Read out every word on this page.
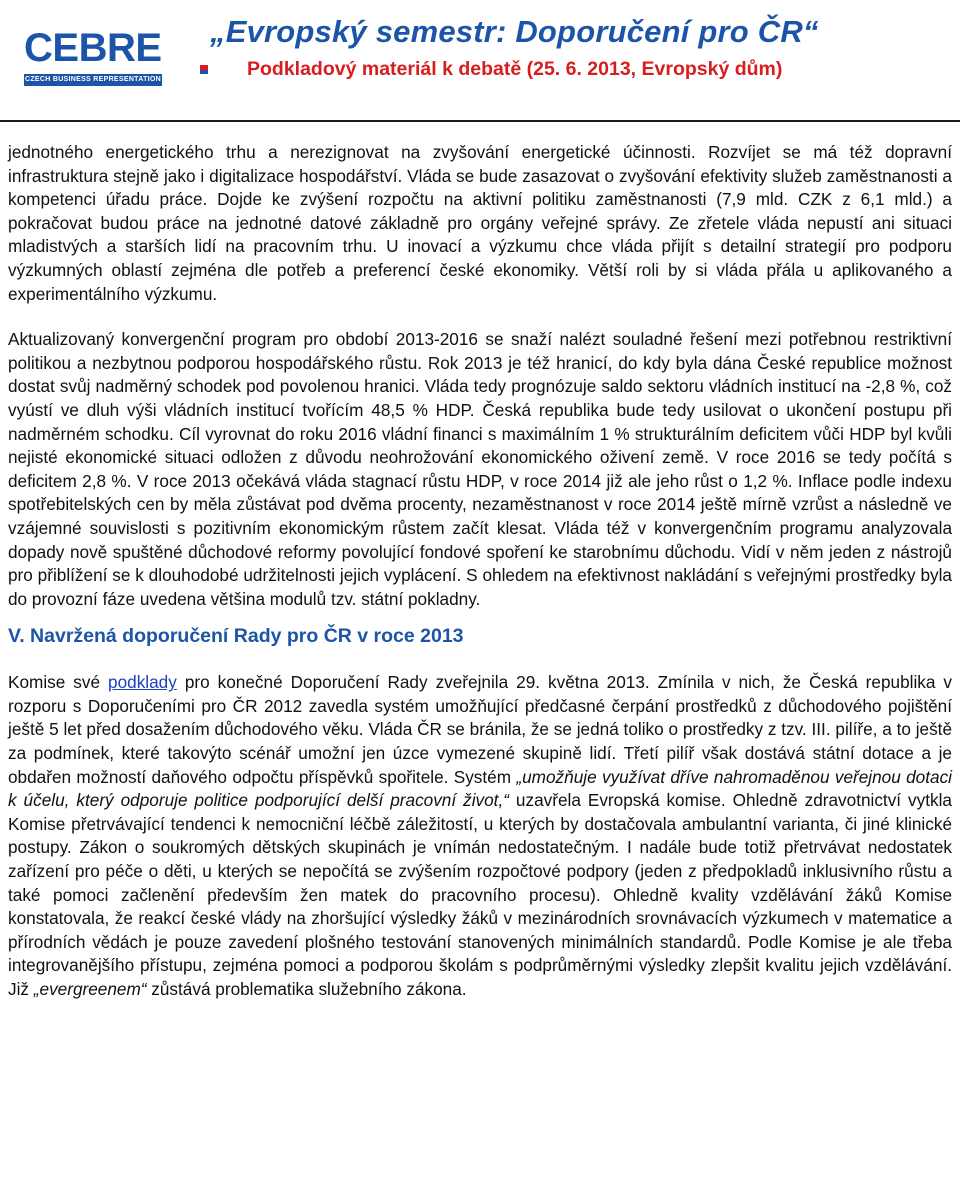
CEBRE
CZECH BUSINESS REPRESENTATION
„Evropský semestr: Doporučení pro ČR“
Podkladový materiál k debatě (25. 6. 2013, Evropský dům)

jednotného energetického trhu a nerezignovat na zvyšování energetické účinnosti. Rozvíjet se má též dopravní infrastruktura stejně jako i digitalizace hospodářství. Vláda se bude zasazovat o zvyšování efektivity služeb zaměstnanosti a kompetenci úřadu práce. Dojde ke zvýšení rozpočtu na aktivní politiku zaměstnanosti (7,9 mld. CZK z 6,1 mld.) a pokračovat budou práce na jednotné datové základně pro orgány veřejné správy. Ze zřetele vláda nepustí ani situaci mladistvých a starších lidí na pracovním trhu. U inovací a výzkumu chce vláda přijít s detailní strategií pro podporu výzkumných oblastí zejména dle potřeb a preferencí české ekonomiky. Větší roli by si vláda přála u aplikovaného a experimentálního výzkumu.

Aktualizovaný konvergenční program pro období 2013-2016 se snaží nalézt souladné řešení mezi potřebnou restriktivní politikou a nezbytnou podporou hospodářského růstu. Rok 2013 je též hranicí, do kdy byla dána České republice možnost dostat svůj nadměrný schodek pod povolenou hranici. Vláda tedy prognózuje saldo sektoru vládních institucí na -2,8 %, což vyústí ve dluh výši vládních institucí tvořícím 48,5 % HDP. Česká republika bude tedy usilovat o ukončení postupu při nadměrném schodku. Cíl vyrovnat do roku 2016 vládní financi s maximálním 1 % strukturálním deficitem vůči HDP byl kvůli nejisté ekonomické situaci odložen z důvodu neohrožování ekonomického oživení země. V roce 2016 se tedy počítá s deficitem 2,8 %. V roce 2013 očekává vláda stagnací růstu HDP, v roce 2014 již ale jeho růst o 1,2 %. Inflace podle indexu spotřebitelských cen by měla zůstávat pod dvěma procenty, nezaměstnanost v roce 2014 ještě mírně vzrůst a následně ve vzájemné souvislosti s pozitivním ekonomickým růstem začít klesat. Vláda též v konvergenčním programu analyzovala dopady nově spuštěné důchodové reformy povolující fondové spoření ke starobnímu důchodu. Vidí v něm jeden z nástrojů pro přiblížení se k dlouhodobé udržitelnosti jejich vyplácení. S ohledem na efektivnost nakládání s veřejnými prostředky byla do provozní fáze uvedena většina modulů tzv. státní pokladny.

V. Navržená doporučení Rady pro ČR v roce 2013

Komise své podklady pro konečné Doporučení Rady zveřejnila 29. května 2013. Zmínila v nich, že Česká republika v rozporu s Doporučeními pro ČR 2012 zavedla systém umožňující předčasné čerpání prostředků z důchodového pojištění ještě 5 let před dosažením důchodového věku. Vláda ČR se bránila, že se jedná toliko o prostředky z tzv. III. pilíře, a to ještě za podmínek, které takovýto scénář umožní jen úzce vymezené skupině lidí. Třetí pilíř však dostává státní dotace a je obdařen možností daňového odpočtu příspěvků spořitele. Systém „umožňuje využívat dříve nahromaděnou veřejnou dotaci k účelu, který odporuje politice podporující delší pracovní život,“ uzavřela Evropská komise. Ohledně zdravotnictví vytkla Komise přetrvávající tendenci k nemocniční léčbě záležitostí, u kterých by dostačovala ambulantní varianta, či jiné klinické postupy. Zákon o soukromých dětských skupinách je vnímán nedostatečným. I nadále bude totiž přetrvávat nedostatek zařízení pro péče o děti, u kterých se nepočítá se zvýšením rozpočtové podpory (jeden z předpokladů inklusivního růstu a také pomoci začlenění především žen matek do pracovního procesu). Ohledně kvality vzdělávání žáků Komise konstatovala, že reakcí české vlády na zhoršující výsledky žáků v mezinárodních srovnávacích výzkumech v matematice a přírodních vědách je pouze zavedení plošného testování stanovených minimálních standardů. Podle Komise je ale třeba integrovanějšího přístupu, zejména pomoci a podporou školám s podprůměrnými výsledky zlepšit kvalitu jejich vzdělávání. Již „evergreenem“ zůstává problematika služebního zákona.
